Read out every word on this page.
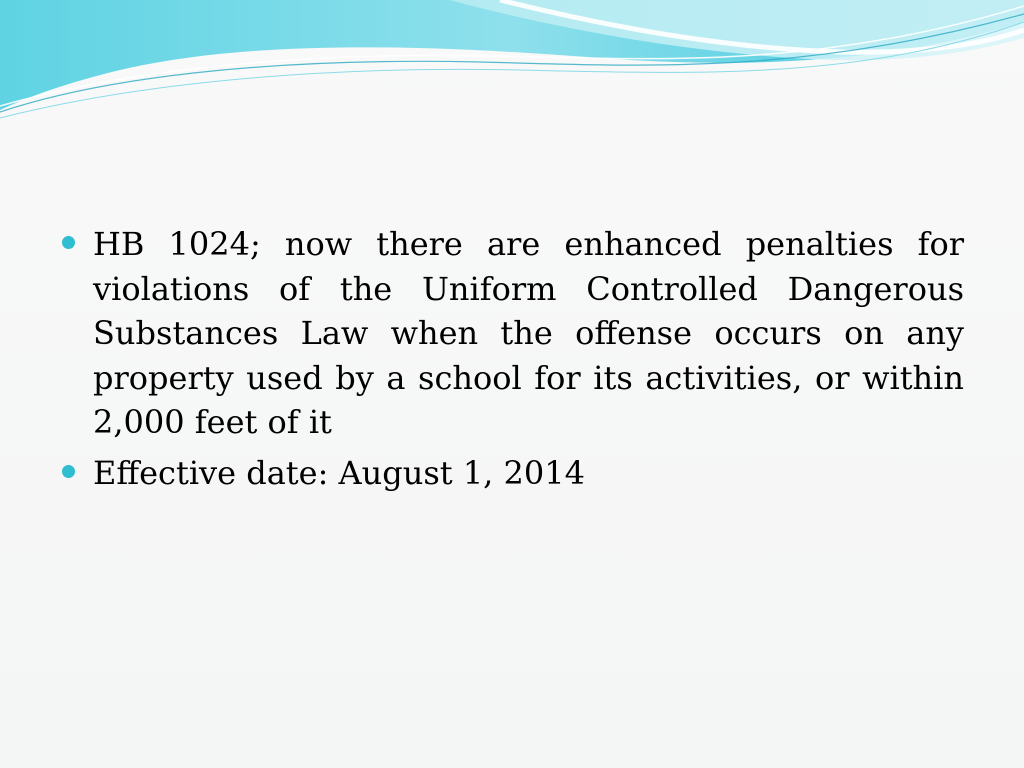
HB 1024; now there are enhanced penalties for violations of the Uniform Controlled Dangerous Substances Law when the offense occurs on any property used by a school for its activities, or within 2,000 feet of it
Effective date: August 1, 2014
